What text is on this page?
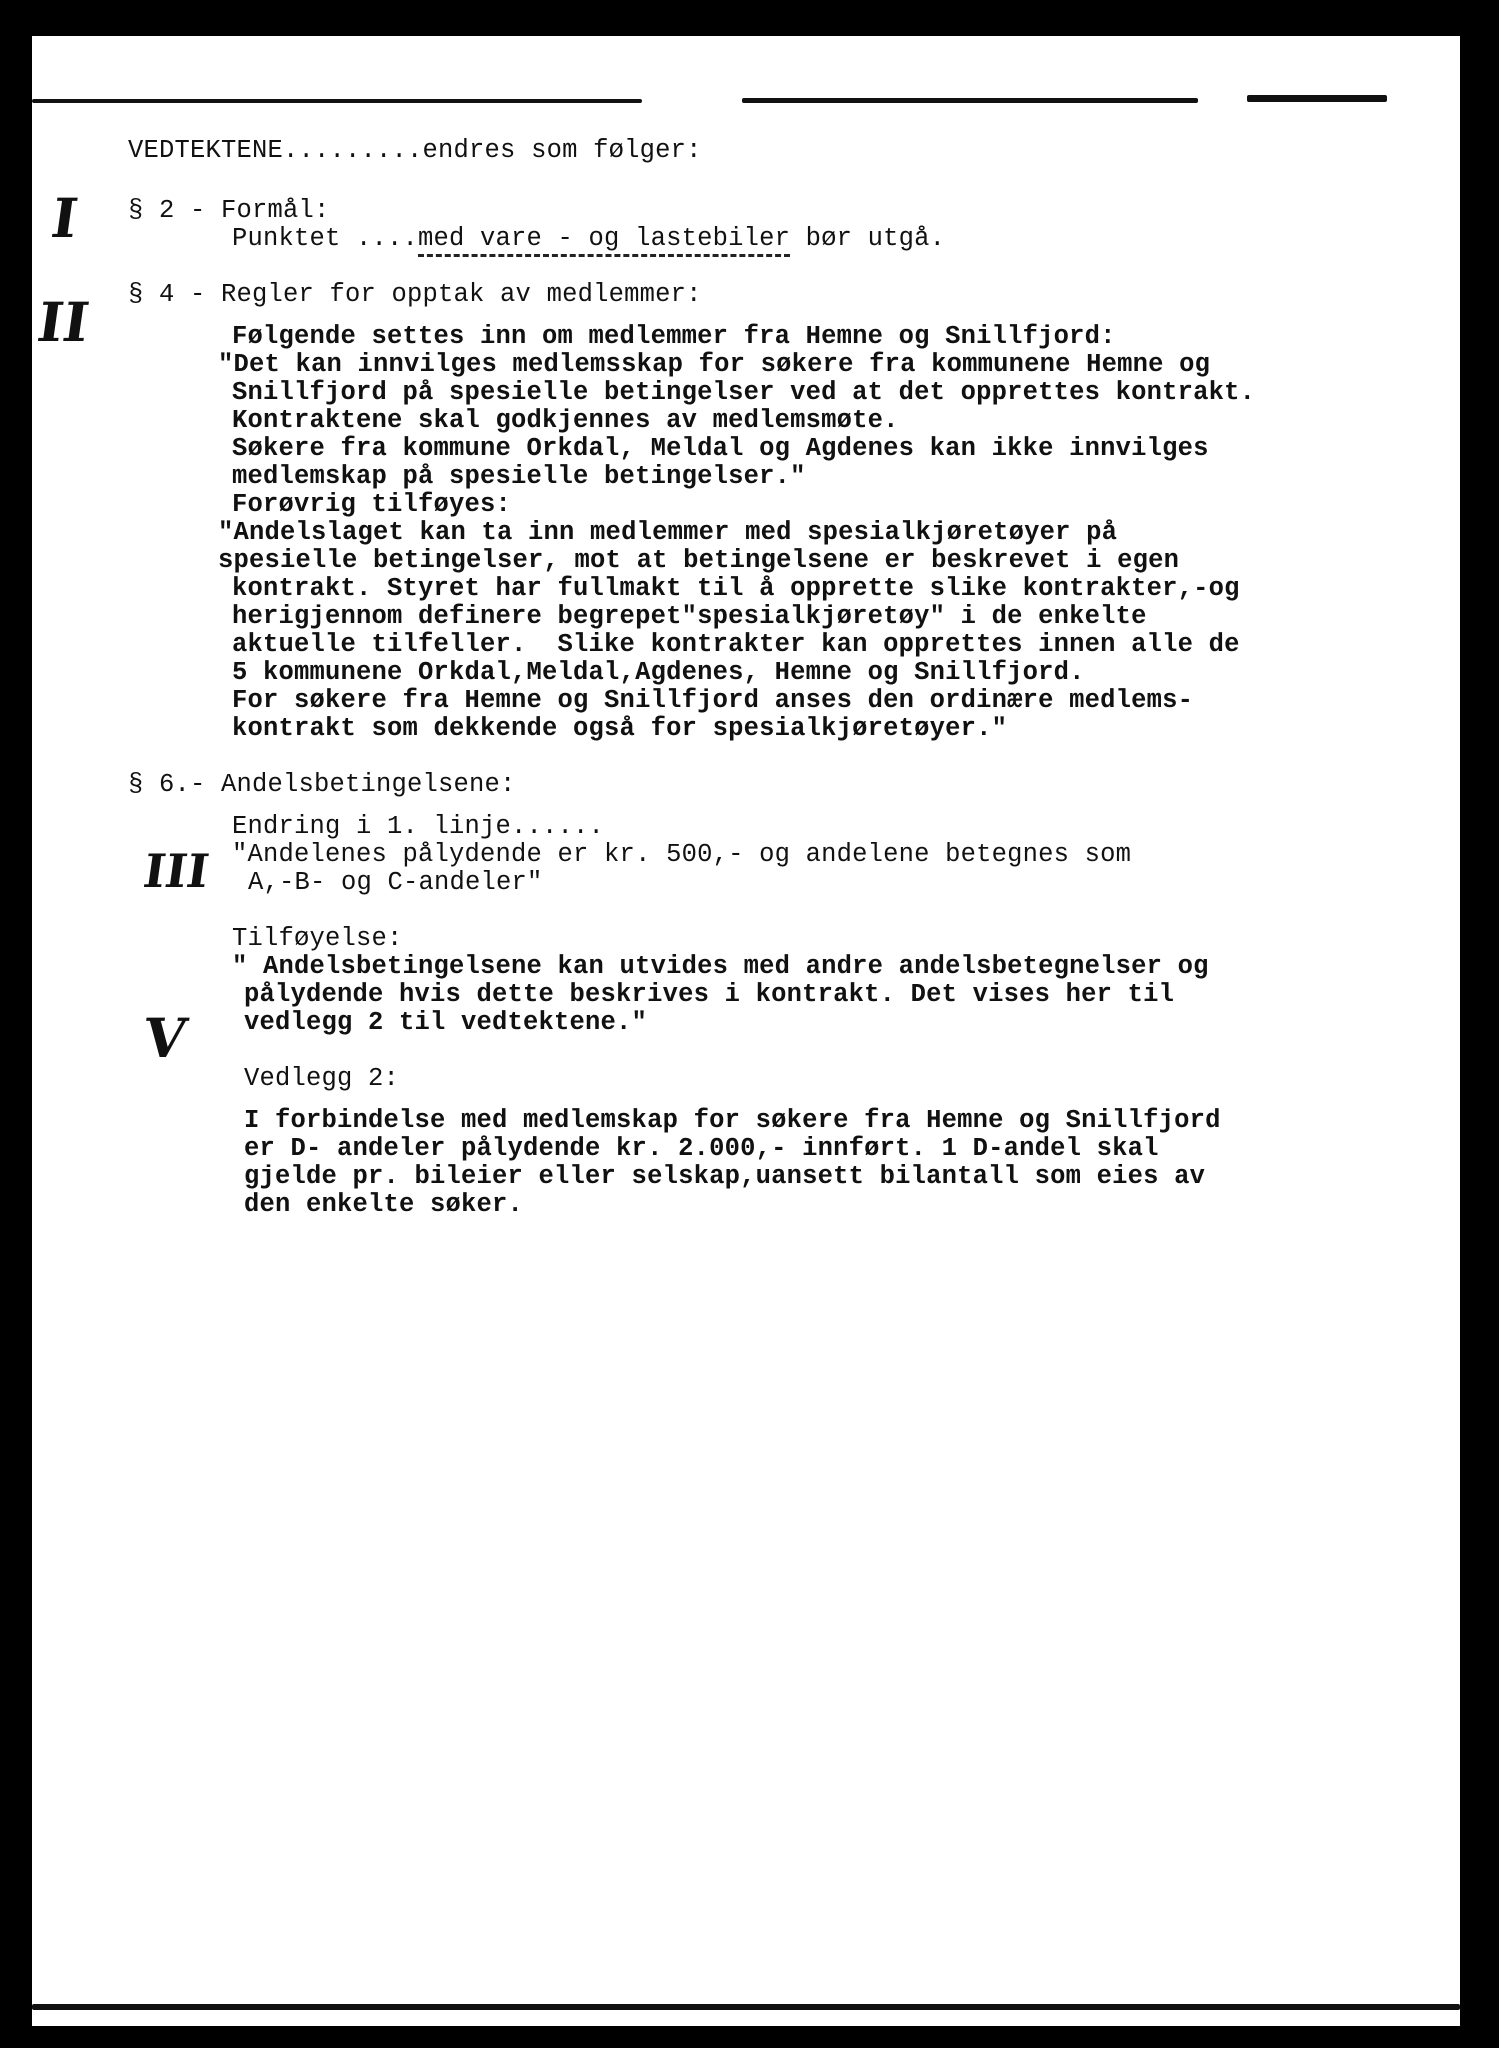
VEDTEKTENE.........endres som følger:
I
II
III
V
§ 2 - Formål:
Punktet ....med vare - og lastebiler bør utgå.
§ 4 - Regler for opptak av medlemmer:
Følgende settes inn om medlemmer fra Hemne og Snillfjord:
"Det kan innvilges medlemsskap for søkere fra kommunene Hemne og
Snillfjord på spesielle betingelser ved at det opprettes kontrakt.
Kontraktene skal godkjennes av medlemsmøte.
Søkere fra kommune Orkdal, Meldal og Agdenes kan ikke innvilges
medlemskap på spesielle betingelser."
Forøvrig tilføyes:
"Andelslaget kan ta inn medlemmer med spesialkjøretøyer på
spesielle betingelser, mot at betingelsene er beskrevet i egen
kontrakt. Styret har fullmakt til å opprette slike kontrakter,-og
herigjennom definere begrepet"spesialkjøretøy" i de enkelte
aktuelle tilfeller.  Slike kontrakter kan opprettes innen alle de
5 kommunene Orkdal,Meldal,Agdenes, Hemne og Snillfjord.
For søkere fra Hemne og Snillfjord anses den ordinære medlems-
kontrakt som dekkende også for spesialkjøretøyer."
§ 6.- Andelsbetingelsene:
Endring i 1. linje......
"Andelenes pålydende er kr. 500,- og andelene betegnes som
A,-B- og C-andeler"
Tilføyelse:
" Andelsbetingelsene kan utvides med andre andelsbetegnelser og
pålydende hvis dette beskrives i kontrakt. Det vises her til
vedlegg 2 til vedtektene."
Vedlegg 2:
I forbindelse med medlemskap for søkere fra Hemne og Snillfjord
er D- andeler pålydende kr. 2.000,- innført. 1 D-andel skal
gjelde pr. bileier eller selskap,uansett bilantall som eies av
den enkelte søker.
